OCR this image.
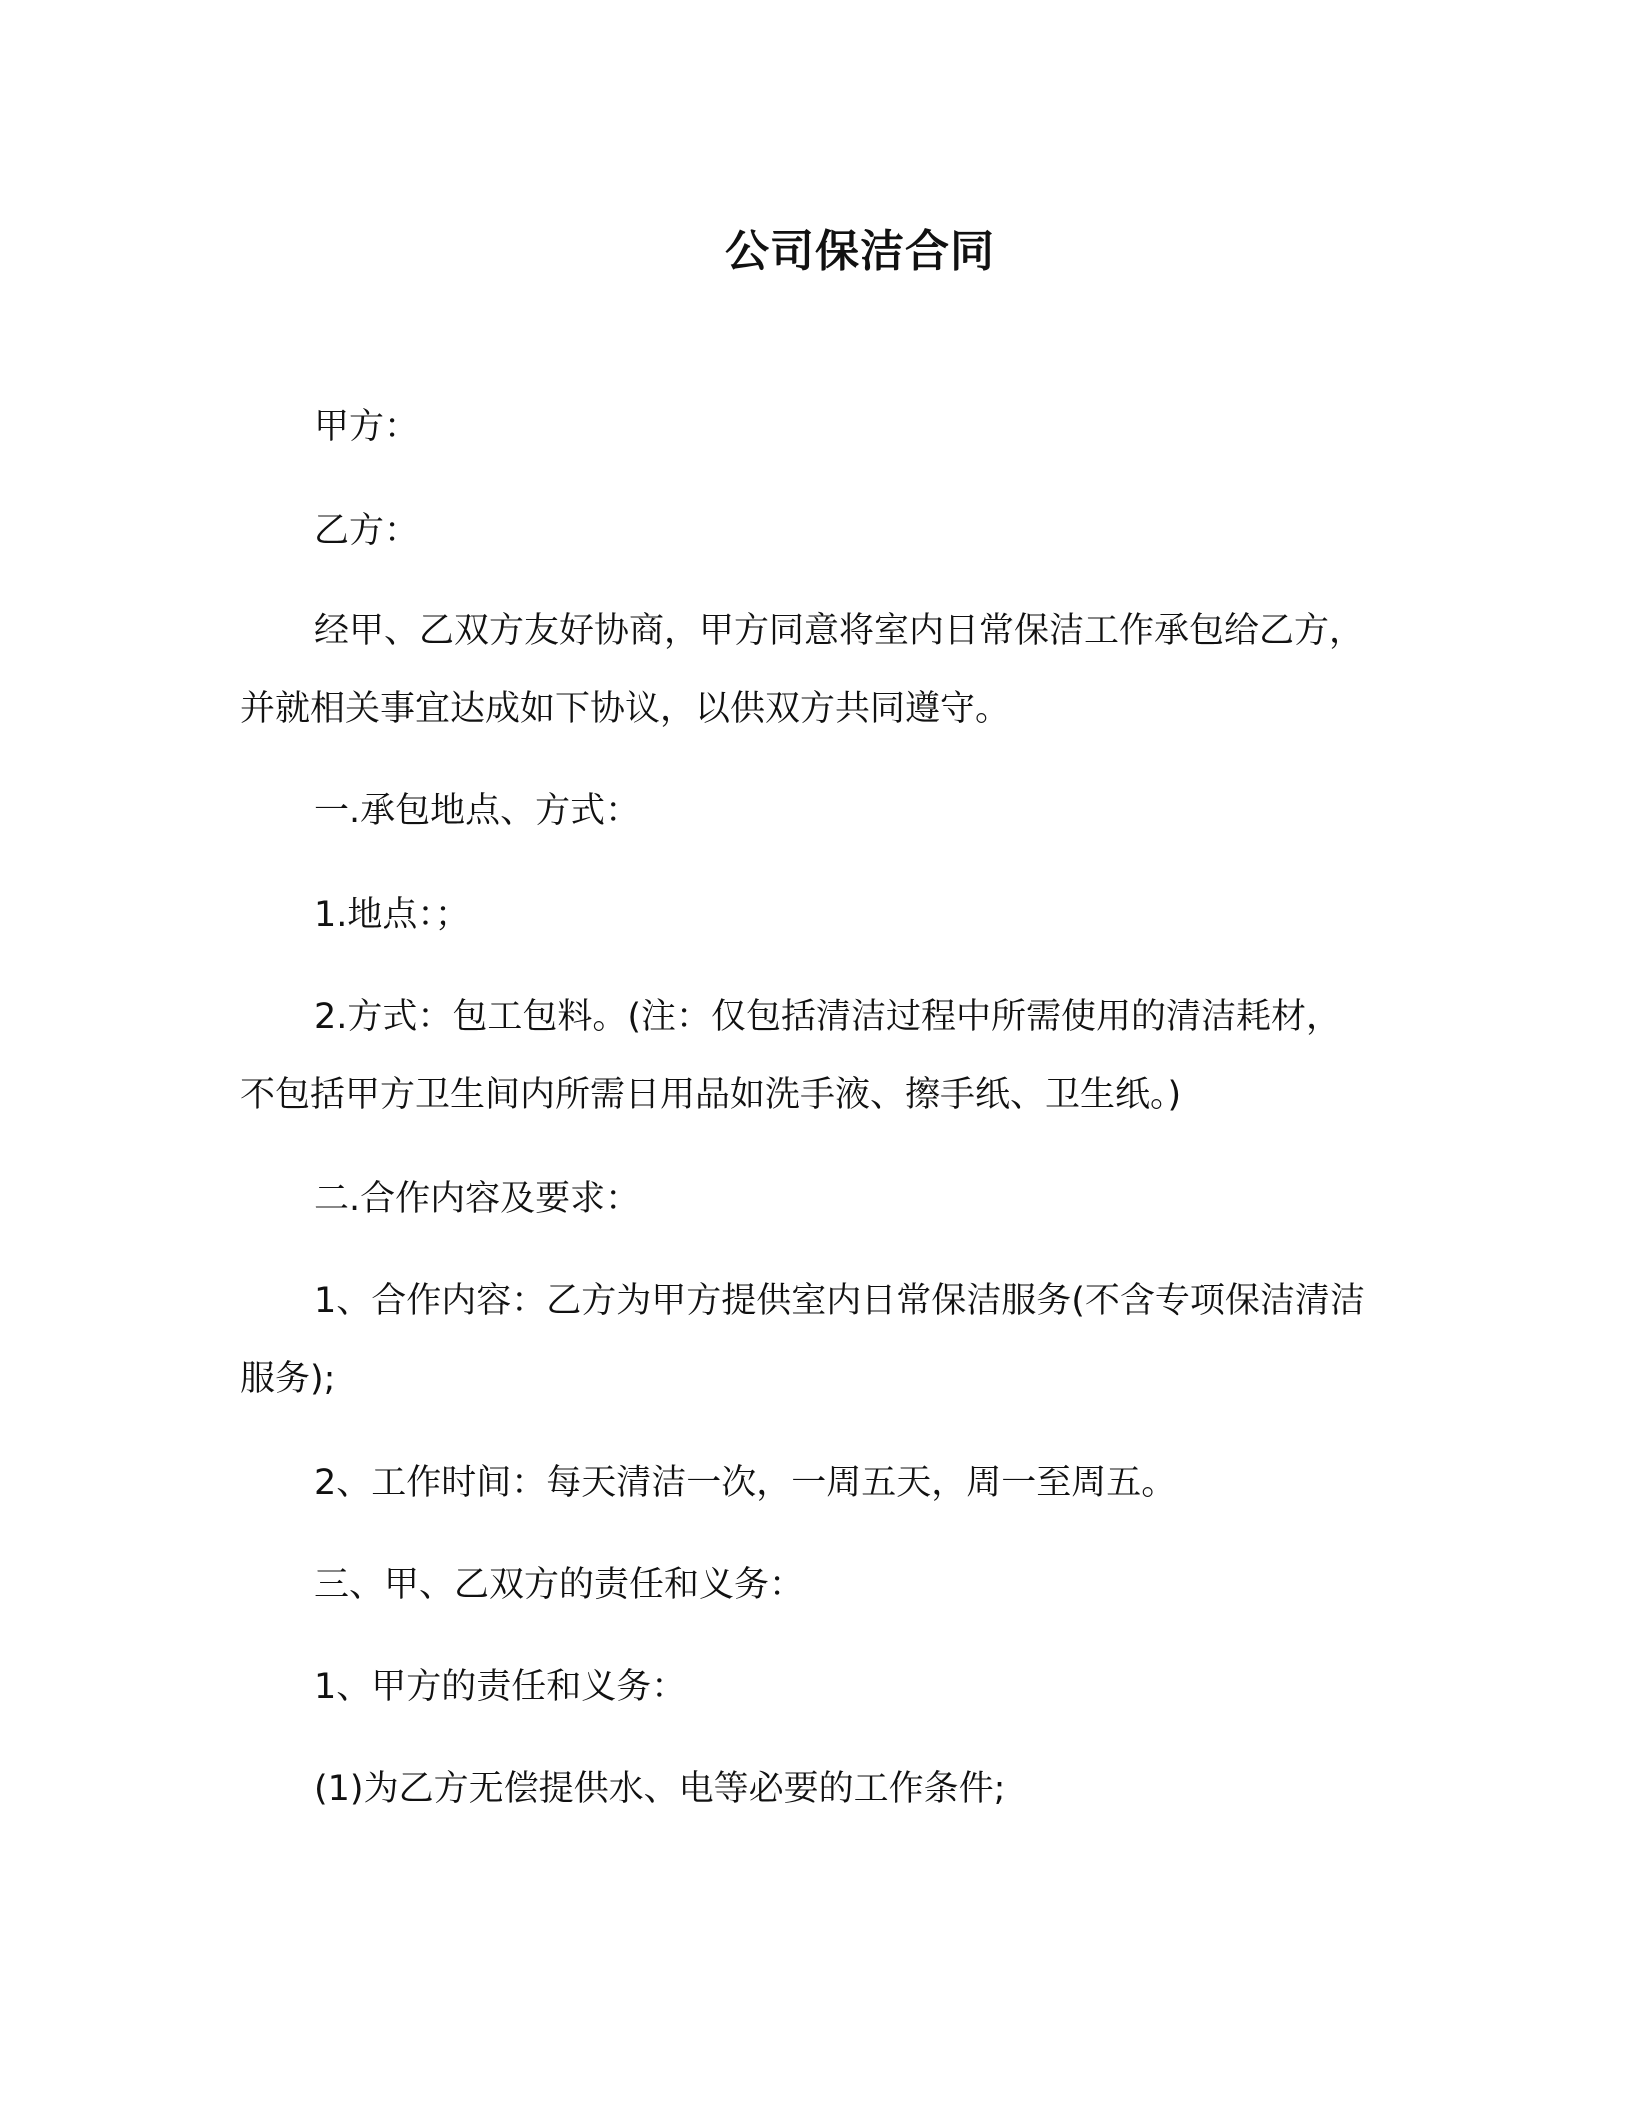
公司保洁合同
甲方：
乙方：
经甲、乙双方友好协商，甲方同意将室内日常保洁工作承包给乙方，并就相关事宜达成如下协议，以供双方共同遵守。
一.承包地点、方式：
1.地点：；
2.方式：包工包料。(注：仅包括清洁过程中所需使用的清洁耗材，不包括甲方卫生间内所需日用品如洗手液、擦手纸、卫生纸。)
二.合作内容及要求：
1、合作内容：乙方为甲方提供室内日常保洁服务(不含专项保洁清洁服务);
2、工作时间：每天清洁一次，一周五天，周一至周五。
三、甲、乙双方的责任和义务：
1、甲方的责任和义务：
(1)为乙方无偿提供水、电等必要的工作条件;
